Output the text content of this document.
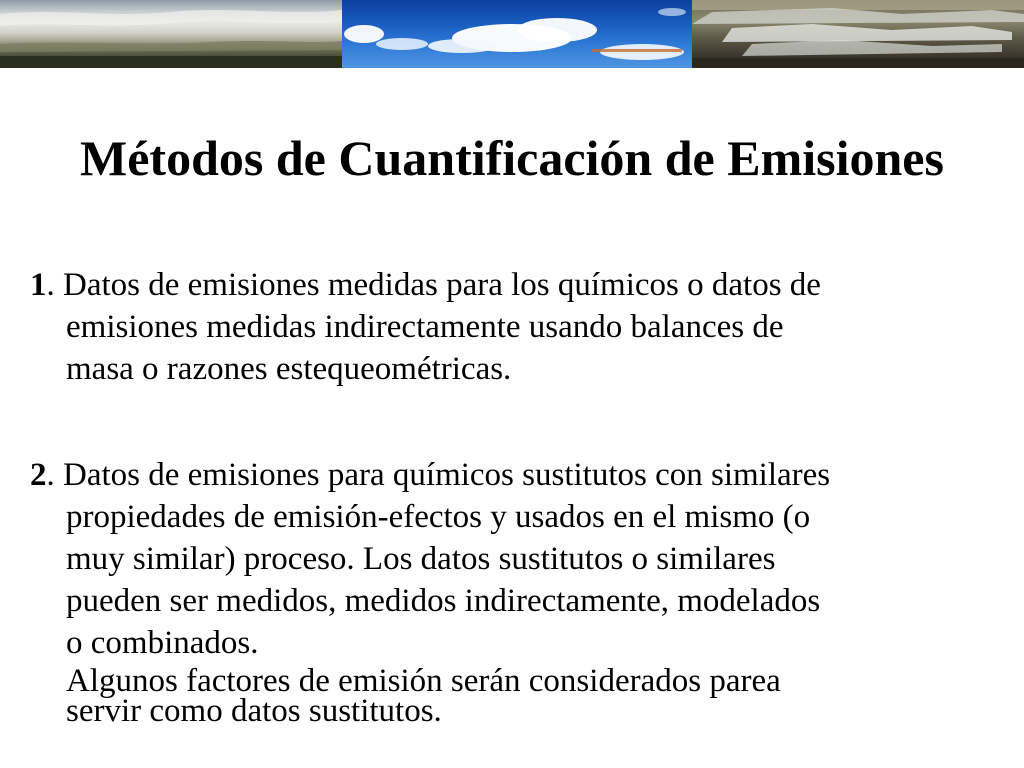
Métodos de Cuantificación de Emisiones

1. Datos de emisiones medidas para los químicos o datos de
emisiones medidas indirectamente usando balances de
masa o razones estequeométricas.

2. Datos de emisiones para químicos sustitutos con similares
propiedades de emisión-efectos y usados en el mismo (o
muy similar) proceso. Los datos sustitutos o similares
pueden ser medidos, medidos indirectamente, modelados
o combinados.

Algunos factores de emisión serán considerados parea
servir como datos sustitutos.
